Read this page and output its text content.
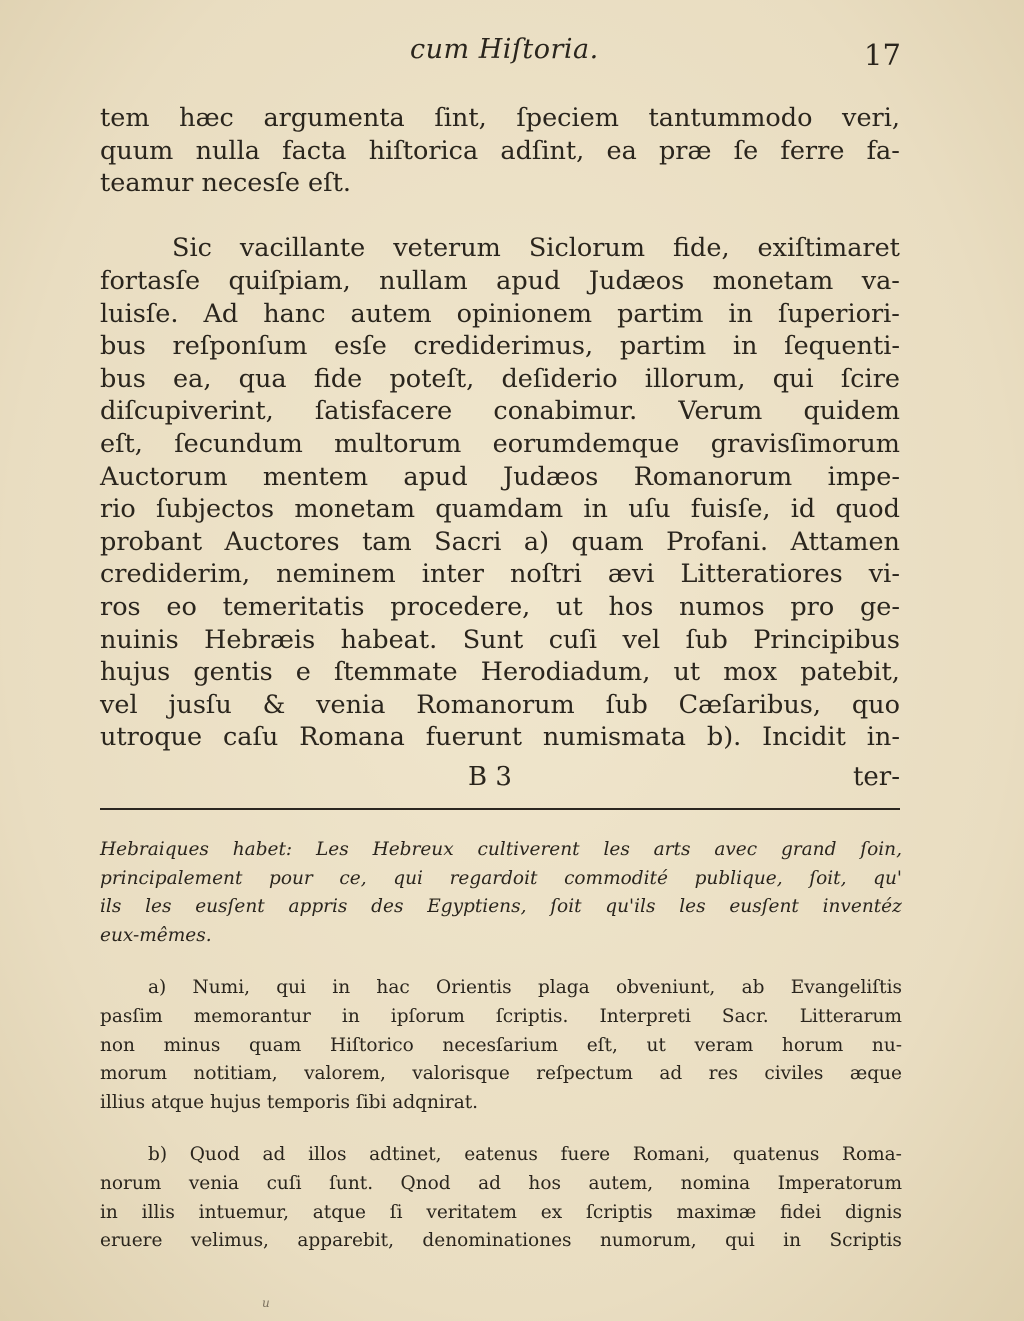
cum Hiſtoria.	17
tem hæc argumenta ſint, ſpeciem tantummodo veri,
quum nulla facta hiſtorica adſint, ea præ ſe ferre fa-
teamur necesſe eſt.
Sic vacillante veterum Siclorum fide, exiſtimaret
fortasſe quiſpiam, nullam apud Judæos monetam va-
luisſe. Ad hanc autem opinionem partim in ſuperiori-
bus reſponſum esſe crediderimus, partim in ſequenti-
bus ea, qua fide poteſt, deſiderio illorum, qui ſcire
diſcupiverint, ſatisfacere conabimur. Verum quidem
eſt, ſecundum multorum eorumdemque gravisſimorum
Auctorum mentem apud Judæos Romanorum impe-
rio ſubjectos monetam quamdam in uſu fuisſe, id quod
probant Auctores tam Sacri a) quam Profani. Attamen
crediderim, neminem inter noſtri ævi Litteratiores vi-
ros eo temeritatis procedere, ut hos numos pro ge-
nuinis Hebræis habeat. Sunt cuſi vel ſub Principibus
hujus gentis e ſtemmate Herodiadum, ut mox patebit,
vel jusſu & venia Romanorum ſub Cæſaribus, quo
utroque caſu Romana fuerunt numismata b). Incidit in-
B 3	ter-
Hebraiques habet: Les Hebreux cultiverent les arts avec grand ſoin,
principalement pour ce, qui regardoit commodité publique, ſoit, qu'
ils les eusſent appris des Egyptiens, ſoit qu'ils les eusſent inventéz
eux-mêmes.
a) Numi, qui in hac Orientis plaga obveniunt, ab Evangeliſtis
pasſim memorantur in ipſorum ſcriptis. Interpreti Sacr. Litterarum
non minus quam Hiſtorico necesſarium eſt, ut veram horum nu-
morum notitiam, valorem, valorisque reſpectum ad res civiles æque
illius atque hujus temporis ſibi adqnirat.
b) Quod ad illos adtinet, eatenus fuere Romani, quatenus Roma-
norum venia cuſi ſunt. Qnod ad hos autem, nomina Imperatorum
in illis intuemur, atque ſi veritatem ex ſcriptis maximæ fidei dignis
eruere velimus, apparebit, denominationes numorum, qui in Scriptis
u
